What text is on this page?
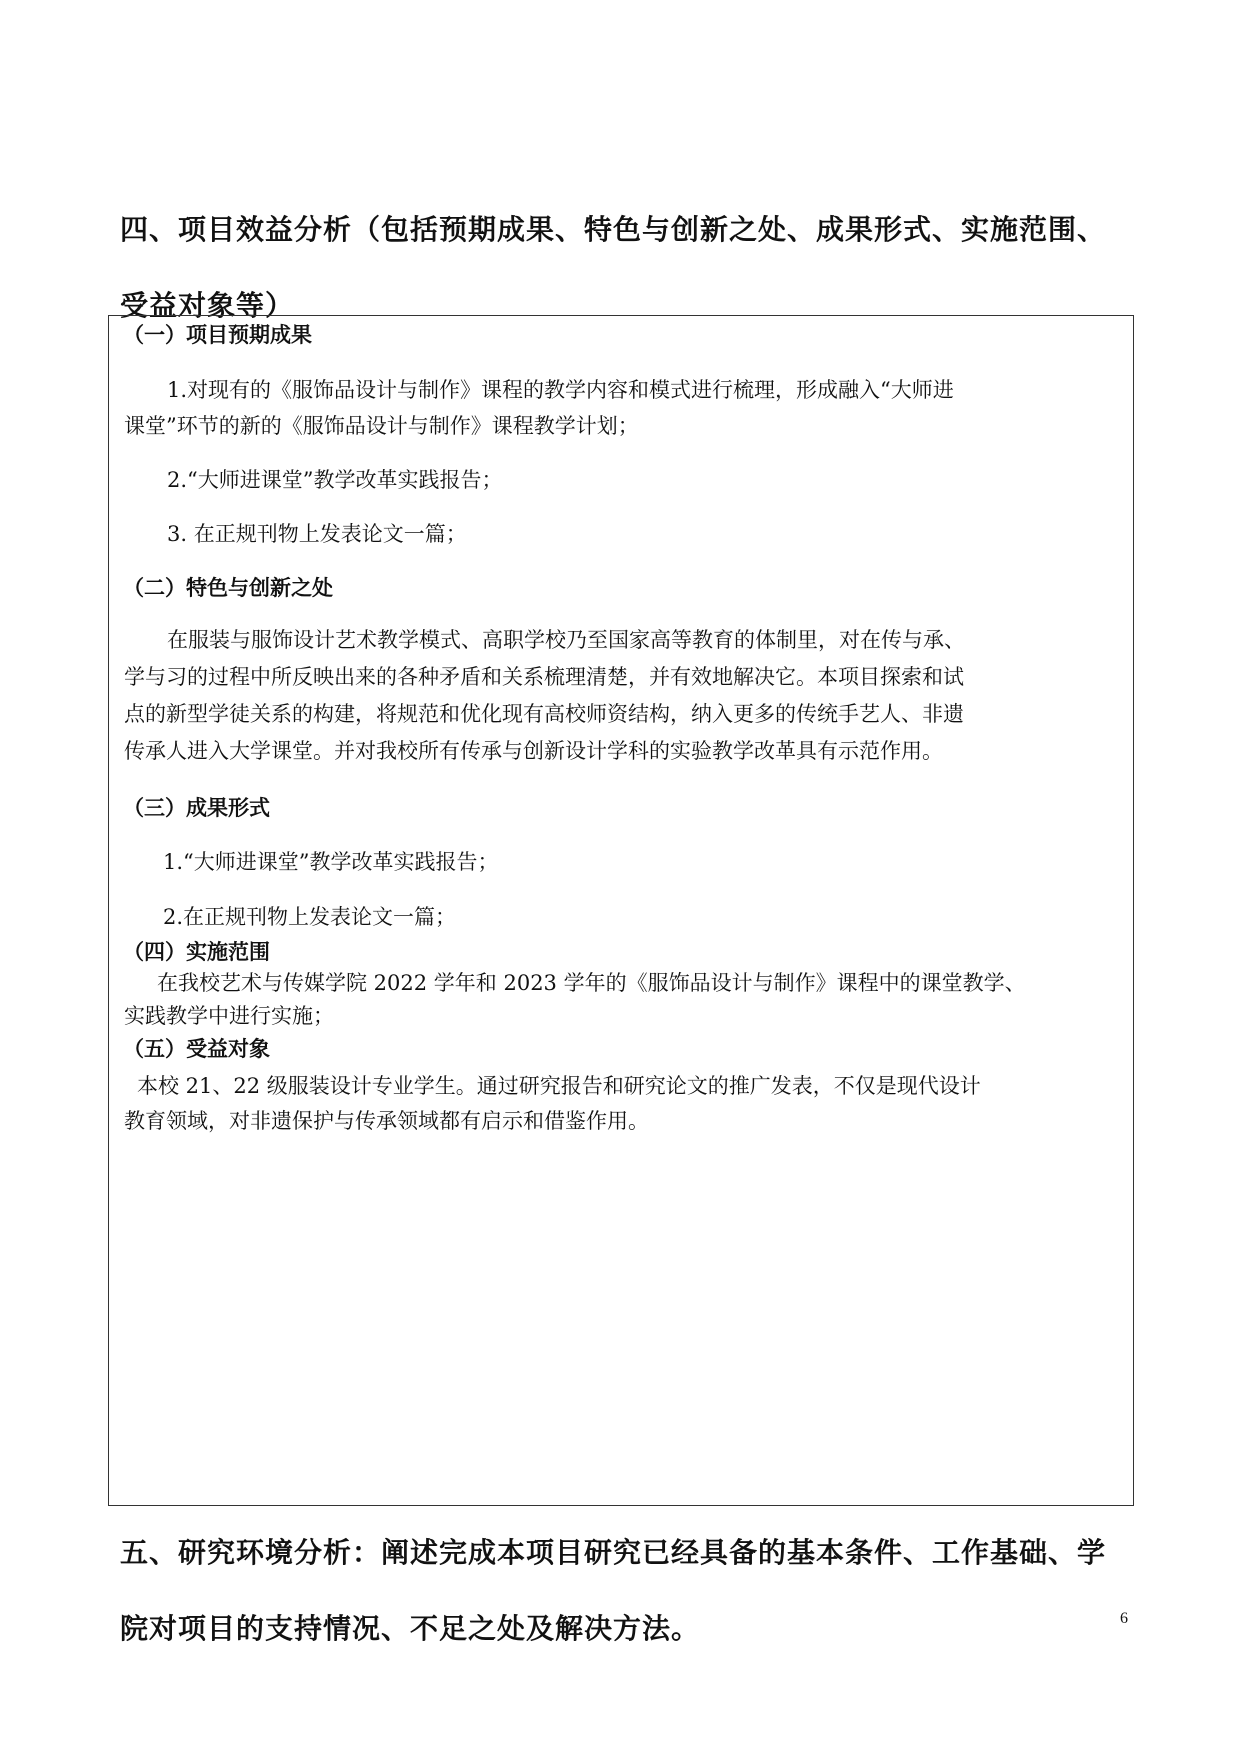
四、项目效益分析（包括预期成果、特色与创新之处、成果形式、实施范围、
受益对象等）
（一）项目预期成果
1.对现有的《服饰品设计与制作》课程的教学内容和模式进行梳理，形成融入“大师进
课堂”环节的新的《服饰品设计与制作》课程教学计划；
2.“大师进课堂”教学改革实践报告；
3. 在正规刊物上发表论文一篇；
（二）特色与创新之处
在服装与服饰设计艺术教学模式、高职学校乃至国家高等教育的体制里，对在传与承、
学与习的过程中所反映出来的各种矛盾和关系梳理清楚，并有效地解决它。本项目探索和试
点的新型学徒关系的构建，将规范和优化现有高校师资结构，纳入更多的传统手艺人、非遗
传承人进入大学课堂。并对我校所有传承与创新设计学科的实验教学改革具有示范作用。
（三）成果形式
1.“大师进课堂”教学改革实践报告；
2.在正规刊物上发表论文一篇；
（四）实施范围
在我校艺术与传媒学院 2022 学年和 2023 学年的《服饰品设计与制作》课程中的课堂教学、
实践教学中进行实施；
（五）受益对象
本校 21、22 级服装设计专业学生。通过研究报告和研究论文的推广发表，不仅是现代设计
教育领域，对非遗保护与传承领域都有启示和借鉴作用。
五、研究环境分析：阐述完成本项目研究已经具备的基本条件、工作基础、学
院对项目的支持情况、不足之处及解决方法。	6
